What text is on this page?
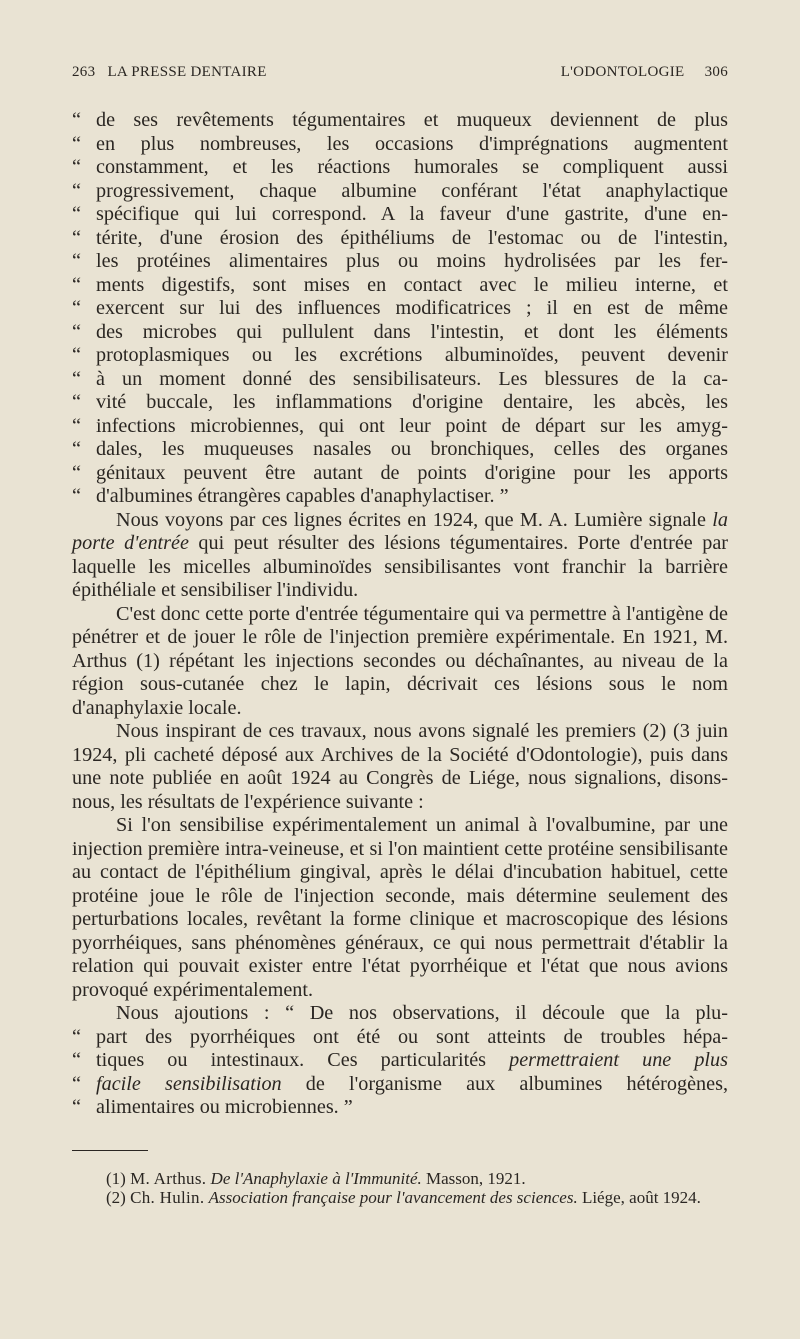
263 LA PRESSE DENTAIRE	L'ODONTOLOGIE 306
“ de ses revêtements tégumentaires et muqueux deviennent de plus
“ en plus nombreuses, les occasions d'imprégnations augmentent
“ constamment, et les réactions humorales se compliquent aussi
“ progressivement, chaque albumine conférant l'état anaphylactique
“ spécifique qui lui correspond. A la faveur d'une gastrite, d'une en-
“ térite, d'une érosion des épithéliums de l'estomac ou de l'intestin,
“ les protéines alimentaires plus ou moins hydrolisées par les fer-
“ ments digestifs, sont mises en contact avec le milieu interne, et
“ exercent sur lui des influences modificatrices ; il en est de même
“ des microbes qui pullulent dans l'intestin, et dont les éléments
“ protoplasmiques ou les excrétions albuminoïdes, peuvent devenir
“ à un moment donné des sensibilisateurs. Les blessures de la ca-
“ vité buccale, les inflammations d'origine dentaire, les abcès, les
“ infections microbiennes, qui ont leur point de départ sur les amyg-
“ dales, les muqueuses nasales ou bronchiques, celles des organes
“ génitaux peuvent être autant de points d'origine pour les apports
“ d'albumines étrangères capables d'anaphylactiser. ”

Nous voyons par ces lignes écrites en 1924, que M. A. Lumière signale la porte d'entrée qui peut résulter des lésions tégumentaires. Porte d'entrée par laquelle les micelles albuminoïdes sensibilisantes vont franchir la barrière épithéliale et sensibiliser l'individu.

C'est donc cette porte d'entrée tégumentaire qui va permettre à l'antigène de pénétrer et de jouer le rôle de l'injection première expérimentale. En 1921, M. Arthus (1) répétant les injections secondes ou déchaînantes, au niveau de la région sous-cutanée chez le lapin, décrivait ces lésions sous le nom d'anaphylaxie locale.

Nous inspirant de ces travaux, nous avons signalé les premiers (2) (3 juin 1924, pli cacheté déposé aux Archives de la Société d'Odontologie), puis dans une note publiée en août 1924 au Congrès de Liége, nous signalions, disons-nous, les résultats de l'expérience suivante :

Si l'on sensibilise expérimentalement un animal à l'ovalbumine, par une injection première intra-veineuse, et si l'on maintient cette protéine sensibilisante au contact de l'épithélium gingival, après le délai d'incubation habituel, cette protéine joue le rôle de l'injection seconde, mais détermine seulement des perturbations locales, revêtant la forme clinique et macroscopique des lésions pyorrhéiques, sans phénomènes généraux, ce qui nous permettrait d'établir la relation qui pouvait exister entre l'état pyorrhéique et l'état que nous avions provoqué expérimentalement.

Nous ajoutions : “ De nos observations, il découle que la plu-

“ part des pyorrhéiques ont été ou sont atteints de troubles hépa-
“ tiques ou intestinaux. Ces particularités permettraient une plus
“ facile sensibilisation de l'organisme aux albumines hétérogènes,
“ alimentaires ou microbiennes. ”

(1) M. Arthus. De l'Anaphylaxie à l'Immunité. Masson, 1921.

(2) Ch. Hulin. Association française pour l'avancement des sciences. Liége, août 1924.
